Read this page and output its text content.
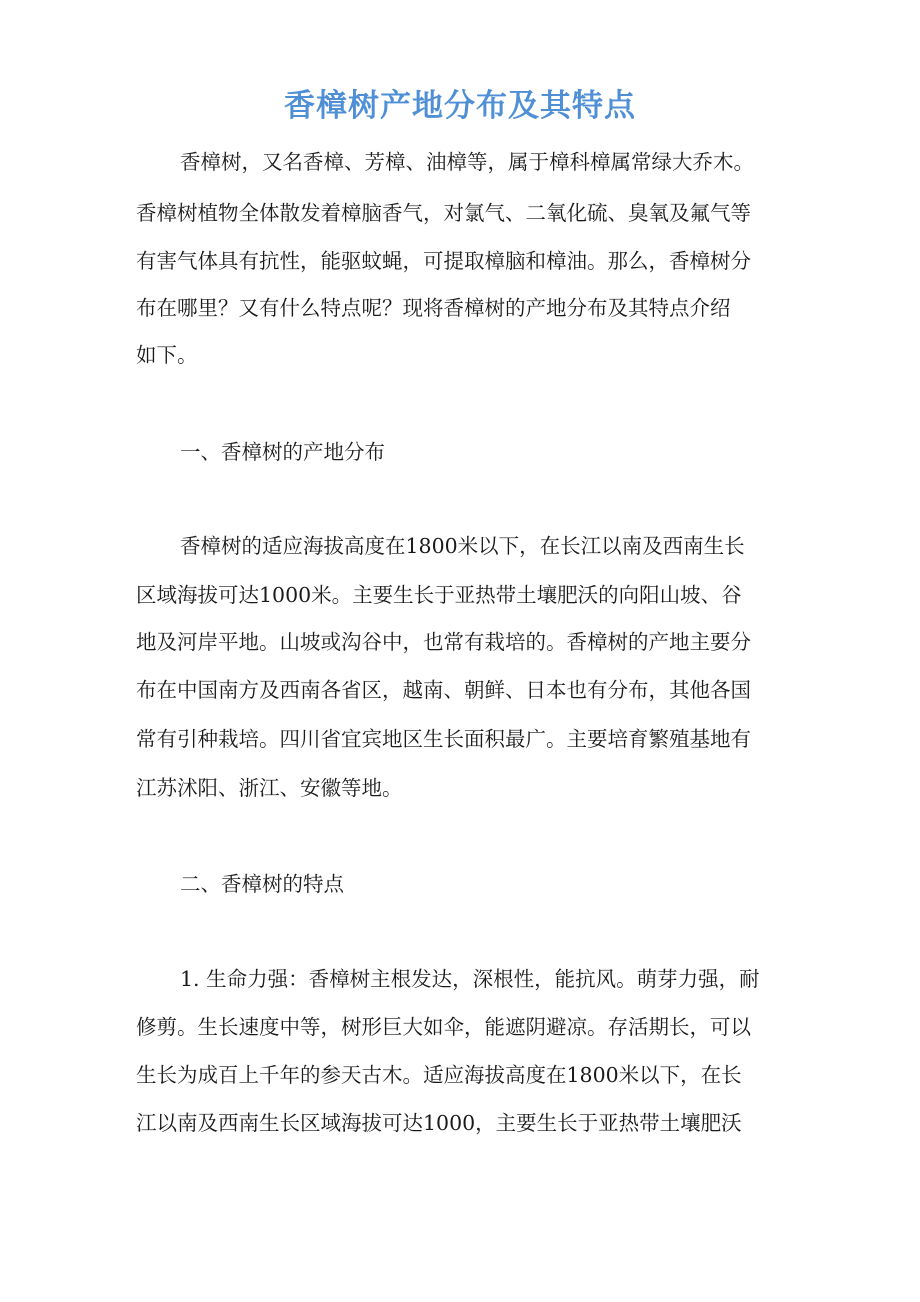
香樟树产地分布及其特点

香樟树，又名香樟、芳樟、油樟等，属于樟科樟属常绿大乔木。

香樟树植物全体散发着樟脑香气，对氯气、二氧化硫、臭氧及氟气等

有害气体具有抗性，能驱蚊蝇，可提取樟脑和樟油。那么，香樟树分

布在哪里？又有什么特点呢？现将香樟树的产地分布及其特点介绍

如下。

一、香樟树的产地分布

香樟树的适应海拔高度在1800米以下，在长江以南及西南生长

区域海拔可达1000米。主要生长于亚热带土壤肥沃的向阳山坡、谷

地及河岸平地。山坡或沟谷中，也常有栽培的。香樟树的产地主要分

布在中国南方及西南各省区，越南、朝鲜、日本也有分布，其他各国

常有引种栽培。四川省宜宾地区生长面积最广。主要培育繁殖基地有

江苏沭阳、浙江、安徽等地。

二、香樟树的特点

1. 生命力强：香樟树主根发达，深根性，能抗风。萌芽力强，耐

修剪。生长速度中等，树形巨大如伞，能遮阴避凉。存活期长，可以

生长为成百上千年的参天古木。适应海拔高度在1800米以下，在长

江以南及西南生长区域海拔可达1000，主要生长于亚热带土壤肥沃
